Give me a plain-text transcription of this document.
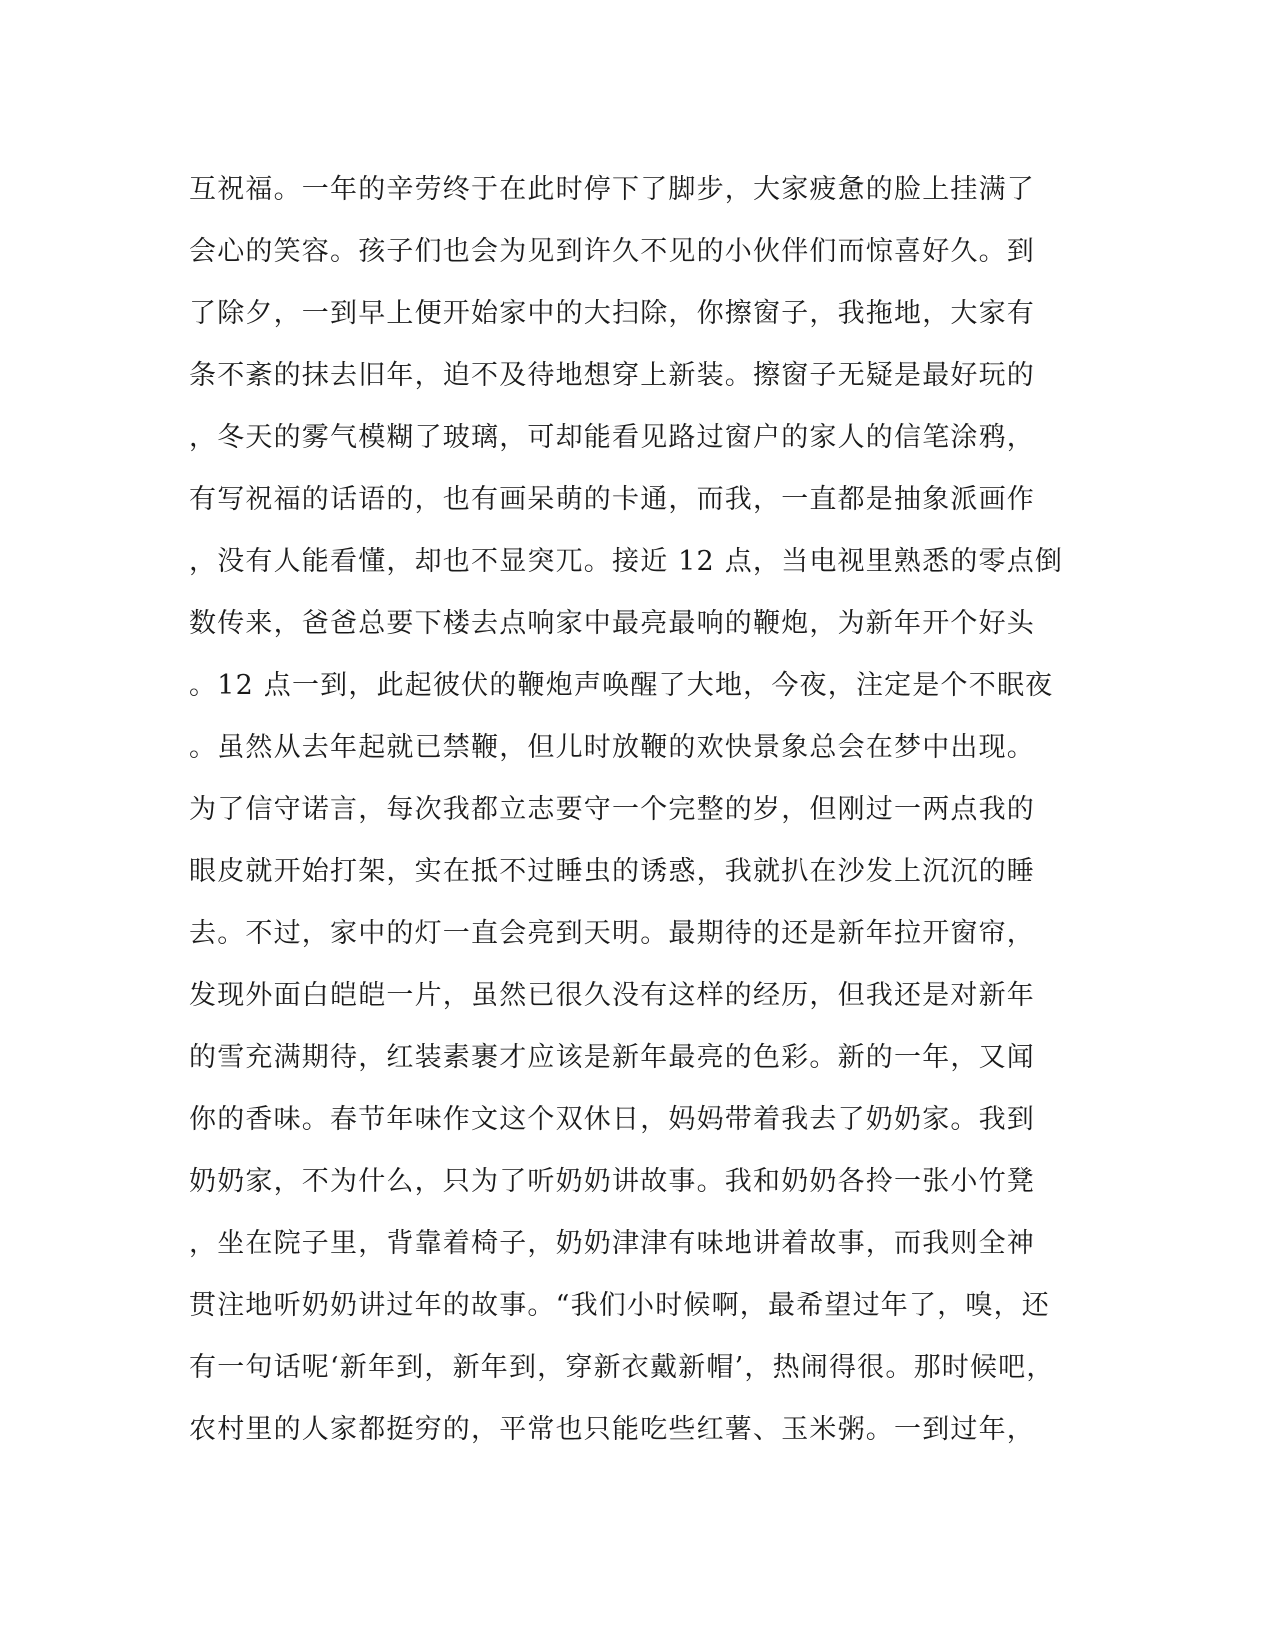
互祝福。一年的辛劳终于在此时停下了脚步，大家疲惫的脸上挂满了
会心的笑容。孩子们也会为见到许久不见的小伙伴们而惊喜好久。到
了除夕，一到早上便开始家中的大扫除，你擦窗子，我拖地，大家有
条不紊的抹去旧年，迫不及待地想穿上新装。擦窗子无疑是最好玩的
，冬天的雾气模糊了玻璃，可却能看见路过窗户的家人的信笔涂鸦，
有写祝福的话语的，也有画呆萌的卡通，而我，一直都是抽象派画作
，没有人能看懂，却也不显突兀。接近 12 点，当电视里熟悉的零点倒
数传来，爸爸总要下楼去点响家中最亮最响的鞭炮，为新年开个好头
。12 点一到，此起彼伏的鞭炮声唤醒了大地，今夜，注定是个不眠夜
。虽然从去年起就已禁鞭，但儿时放鞭的欢快景象总会在梦中出现。
为了信守诺言，每次我都立志要守一个完整的岁，但刚过一两点我的
眼皮就开始打架，实在抵不过睡虫的诱惑，我就扒在沙发上沉沉的睡
去。不过，家中的灯一直会亮到天明。最期待的还是新年拉开窗帘，
发现外面白皑皑一片，虽然已很久没有这样的经历，但我还是对新年
的雪充满期待，红装素裹才应该是新年最亮的色彩。新的一年，又闻
你的香味。春节年味作文这个双休日，妈妈带着我去了奶奶家。我到
奶奶家，不为什么，只为了听奶奶讲故事。我和奶奶各拎一张小竹凳
，坐在院子里，背靠着椅子，奶奶津津有味地讲着故事，而我则全神
贯注地听奶奶讲过年的故事。“我们小时候啊，最希望过年了，嗅，还
有一句话呢‘新年到，新年到，穿新衣戴新帽’，热闹得很。那时候吧，
农村里的人家都挺穷的，平常也只能吃些红薯、玉米粥。一到过年，
